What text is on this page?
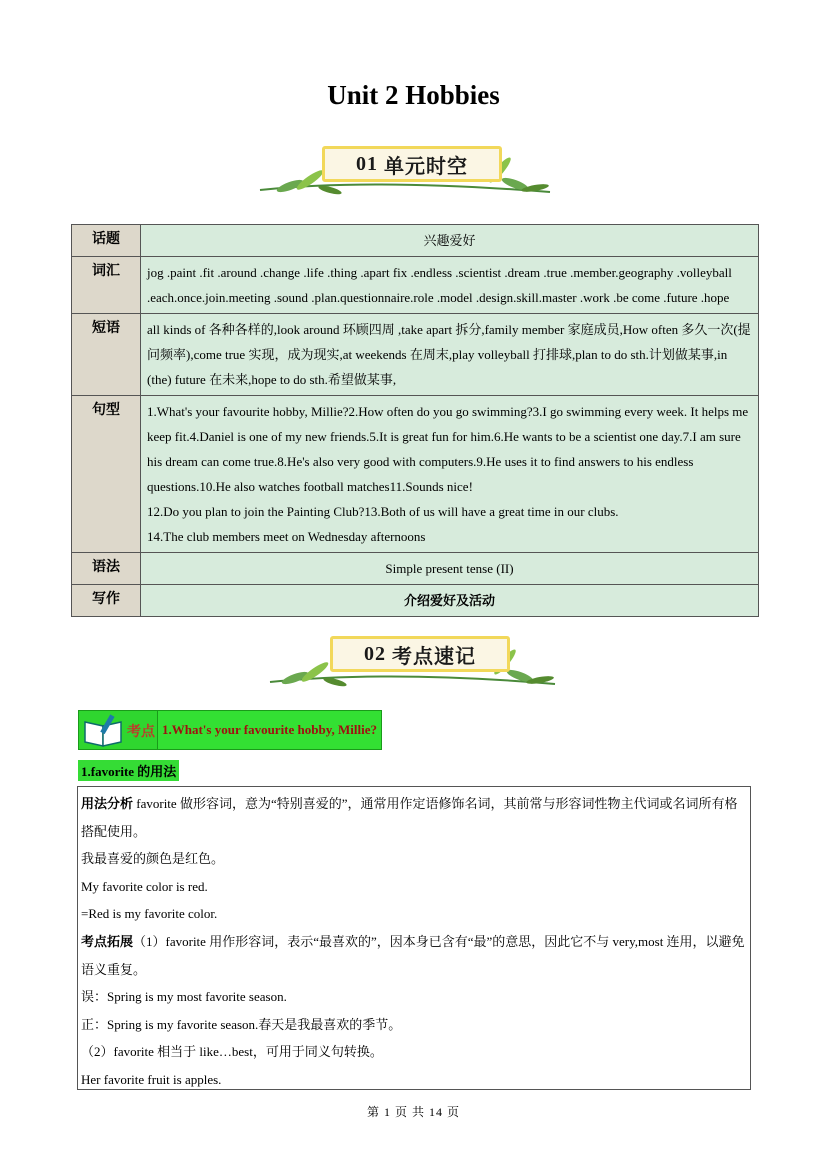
Unit 2 Hobbies
01
单元时空
话题	兴趣爱好
词汇	jog .paint .fit .around .change .life .thing .apart fix .endless .scientist .dream .true .member.geography .volleyball .each.once.join.meeting .sound .plan.questionnaire.role .model .design.skill.master .work .be come .future .hope
短语	all kinds of 各种各样的,look around 环顾四周 ,take apart 拆分,family member 家庭成员,How often 多久一次(提问频率),come true 实现，成为现实,at weekends 在周末,play volleyball 打排球,plan to do sth.计划做某事,in (the) future 在未来,hope to do sth.希望做某事,
句型	1.What's your favourite hobby, Millie?2.How often do you go swimming?3.I go swimming every week. It helps me keep fit.4.Daniel is one of my new friends.5.It is great fun for him.6.He wants to be a scientist one day.7.I am sure his dream can come true.8.He's also very good with computers.9.He uses it to find answers to his endless questions.10.He also watches football matches11.Sounds nice!
12.Do you plan to join the Painting Club?13.Both of us will have a great time in our clubs.
14.The club members meet on Wednesday afternoons

语法	Simple present tense (II)
写作	介绍爱好及活动
02
考点速记
考点 1.What's your favourite hobby, Millie?
1.favorite 的用法

用法分析 favorite 做形容词，意为“特别喜爱的”，通常用作定语修饰名词，其前常与形容词性物主代词或名词所有格搭配使用。

我最喜爱的颜色是红色。

My favorite color is red.

=Red is my favorite color.

考点拓展（1）favorite 用作形容词，表示“最喜欢的”，因本身已含有“最”的意思，因此它不与 very,most 连用，以避免语义重复。

误：Spring is my most favorite season.

正：Spring is my favorite season.春天是我最喜欢的季节。

（2）favorite 相当于 like…best，可用于同义句转换。

Her favorite fruit is apples.

第 1 页 共 14 页
